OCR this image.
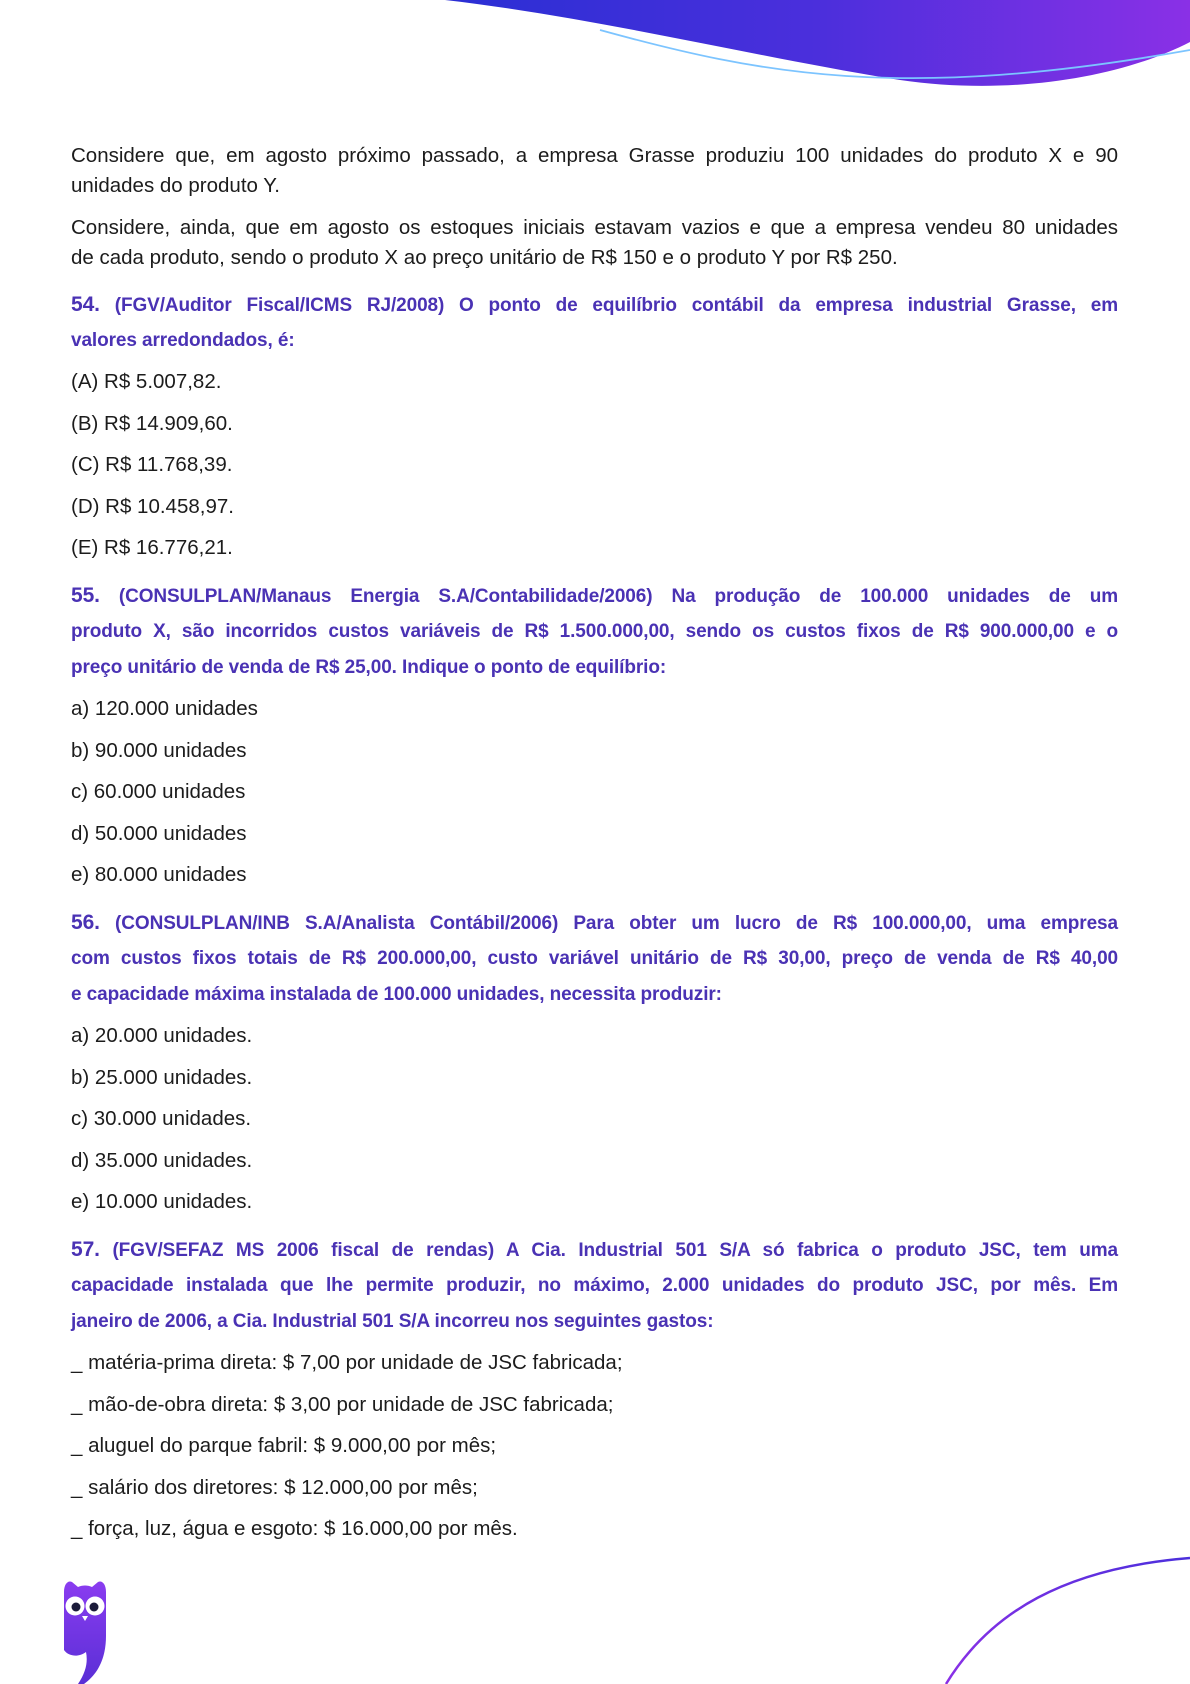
Considere que, em agosto próximo passado, a empresa Grasse produziu 100 unidades do produto X e 90
unidades do produto Y.
Considere, ainda, que em agosto os estoques iniciais estavam vazios e que a empresa vendeu 80 unidades
de cada produto, sendo o produto X ao preço unitário de R$ 150 e o produto Y por R$ 250.
54. (FGV/Auditor Fiscal/ICMS RJ/2008) O ponto de equilíbrio contábil da empresa industrial Grasse, em
valores arredondados, é:
(A) R$ 5.007,82.
(B) R$ 14.909,60.
(C) R$ 11.768,39.
(D) R$ 10.458,97.
(E) R$ 16.776,21.
55. (CONSULPLAN/Manaus Energia S.A/Contabilidade/2006) Na produção de 100.000 unidades de um
produto X, são incorridos custos variáveis de R$ 1.500.000,00, sendo os custos fixos de R$ 900.000,00 e o
preço unitário de venda de R$ 25,00. Indique o ponto de equilíbrio:
a) 120.000 unidades
b) 90.000 unidades
c) 60.000 unidades
d) 50.000 unidades
e) 80.000 unidades
56. (CONSULPLAN/INB S.A/Analista Contábil/2006) Para obter um lucro de R$ 100.000,00, uma empresa
com custos fixos totais de R$ 200.000,00, custo variável unitário de R$ 30,00, preço de venda de R$ 40,00
e capacidade máxima instalada de 100.000 unidades, necessita produzir:
a) 20.000 unidades.
b) 25.000 unidades.
c) 30.000 unidades.
d) 35.000 unidades.
e) 10.000 unidades.
57. (FGV/SEFAZ MS 2006 fiscal de rendas) A Cia. Industrial 501 S/A só fabrica o produto JSC, tem uma
capacidade instalada que lhe permite produzir, no máximo, 2.000 unidades do produto JSC, por mês. Em
janeiro de 2006, a Cia. Industrial 501 S/A incorreu nos seguintes gastos:
_ matéria-prima direta: $ 7,00 por unidade de JSC fabricada;
_ mão-de-obra direta: $ 3,00 por unidade de JSC fabricada;
_ aluguel do parque fabril: $ 9.000,00 por mês;
_ salário dos diretores: $ 12.000,00 por mês;
_ força, luz, água e esgoto: $ 16.000,00 por mês.
